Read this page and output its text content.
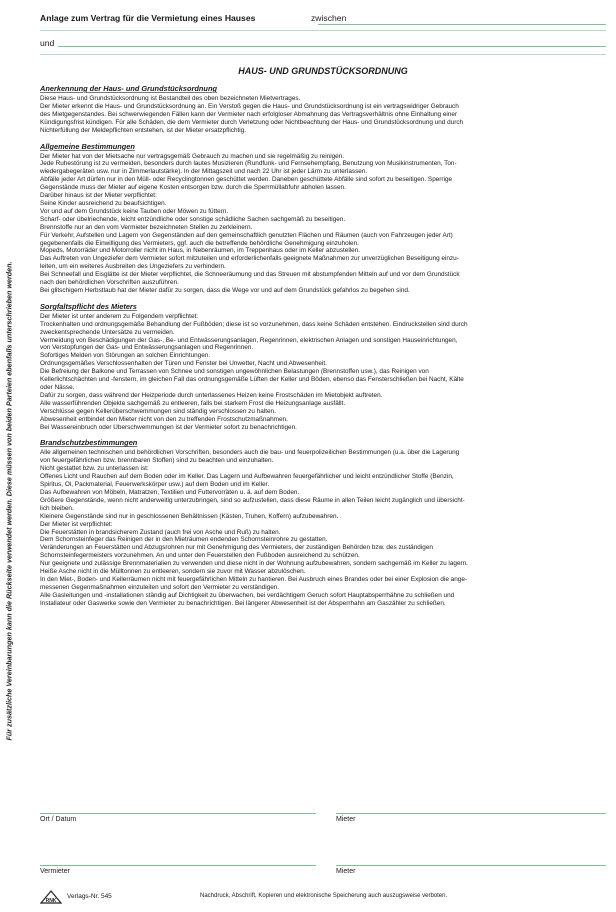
Für zusätzliche Vereinbarungen kann die Rückseite verwendet werden. Diese müssen von beiden Parteien ebenfalls unterschrieben werden.
Anlage zum Vertrag für die Vermietung eines Hauses	zwischen
und
HAUS- UND GRUNDSTÜCKSORDNUNG
Anerkennung der Haus- und Grundstücksordnung
Diese Haus- und Grundstücksordnung ist Bestandteil des oben bezeichneten Mietvertrages.
Der Mieter erkennt die Haus- und Grundstücksordnung an. Ein Verstoß gegen die Haus- und Grundstücksordnung ist ein vertragswidriger Gebrauch
des Mietgegenstandes. Bei schwerwiegenden Fällen kann der Vermieter nach erfolgloser Abmahnung das Vertragsverhältnis ohne Einhaltung einer
Kündigungsfrist kündigen. Für alle Schäden, die dem Vermieter durch Verletzung oder Nichtbeachtung der Haus- und Grundstücksordnung und durch
Nichterfüllung der Meldepflichten entstehen, ist der Mieter ersatzpflichtig.
Allgemeine Bestimmungen
Der Mieter hat von der Mietsache nur vertragsgemäß Gebrauch zu machen und sie regelmäßig zu reinigen.
Jede Ruhestörung ist zu vermeiden, besonders durch lautes Musizieren (Rundfunk- und Fernsehempfang, Benutzung von Musikinstrumenten, Ton-
wiedergabegeräten usw. nur in Zimmerlautstärke). In der Mittagszeit und nach 22 Uhr ist jeder Lärm zu unterlassen.
Abfälle jeder Art dürfen nur in den Müll- oder Recyclingtonnen geschüttet werden. Daneben geschüttete Abfälle sind sofort zu beseitigen. Sperrige
Gegenstände muss der Mieter auf eigene Kosten entsorgen bzw. durch die Sperrmüllabfuhr abholen lassen.
Darüber hinaus ist der Mieter verpflichtet:
Seine Kinder ausreichend zu beaufsichtigen.
Vor und auf dem Grundstück keine Tauben oder Möwen zu füttern.
Scharf- oder übelriechende, leicht entzündliche oder sonstige schädliche Sachen sachgemäß zu beseitigen.
Brennstoffe nur an den vom Vermieter bezeichneten Stellen zu zerkleinern.
Für Verkehr, Aufstellen und Lagern von Gegenständen auf den gemeinschaftlich genutzten Flächen und Räumen (auch von Fahrzeugen jeder Art)
gegebenenfalls die Einwilligung des Vermieters, ggf. auch die betreffende behördliche Genehmigung einzuholen.
Mopeds, Motorräder und Motorroller nicht im Haus, in Nebenräumen, im Treppenhaus oder im Keller abzustellen.
Das Auftreten von Ungeziefer dem Vermieter sofort mitzuteilen und erforderlichenfalls geeignete Maßnahmen zur unverzüglichen Beseitigung einzu-
leiten, um ein weiteres Ausbreiten des Ungeziefers zu verhindern.
Bei Schneefall und Eisglätte ist der Mieter verpflichtet, die Schneeräumung und das Streuen mit abstumpfenden Mitteln auf und vor dem Grundstück
nach den behördlichen Vorschriften auszuführen.
Bei glitschigem Herbstlaub hat der Mieter dafür zu sorgen, dass die Wege vor und auf dem Grundstück gefahrlos zu begehen sind.
Sorgfaltspflicht des Mieters
Der Mieter ist unter anderem zu Folgendem verpflichtet:
Trockenhalten und ordnungsgemäße Behandlung der Fußböden; diese ist so vorzunehmen, dass keine Schäden entstehen. Eindruckstellen sind durch
zweckentsprechende Untersätze zu vermeiden.
Vermeidung von Beschädigungen der Gas-, Be- und Entwässerungsanlagen, Regenrinnen, elektrischen Anlagen und sonstigen Hauseinrichtungen,
von Verstopfungen der Gas- und Entwässerungsanlagen und Regenrinnen.
Sofortiges Melden von Störungen an solchen Einrichtungen.
Ordnungsgemäßes Verschlossenhalten der Türen und Fenster bei Unwetter, Nacht und Abwesenheit.
Die Befreiung der Balkone und Terrassen von Schnee und sonstigen ungewöhnlichen Belastungen (Brennstoffen usw.), das Reinigen von
Kellerlichtschächten und -fenstern, im gleichen Fall das ordnungsgemäße Lüften der Keller und Böden, ebenso das Fensterschließen bei Nacht, Kälte
oder Nässe.
Dafür zu sorgen, dass während der Heizperiode durch unterlassenes Heizen keine Frostschäden im Mietobjekt auftreten.
Alle wasserführenden Objekte sachgemäß zu entleeren, falls bei starkem Frost die Heizungsanlage ausfällt.
Verschlüsse gegen Kellerüberschwemmungen sind ständig verschlossen zu halten.
Abwesenheit entbindet den Mieter nicht von den zu treffenden Frostschutzmaßnahmen.
Bei Wassereinbruch oder Überschwemmungen ist der Vermieter sofort zu benachrichtigen.
Brandschutzbestimmungen
Alle allgemeinen technischen und behördlichen Vorschriften, besonders auch die bau- und feuerpolizeilichen Bestimmungen (u.a. über die Lagerung
von feuergefährlichen bzw. brennbaren Stoffen) sind zu beachten und einzuhalten.
Nicht gestattet bzw. zu unterlassen ist:
Offenes Licht und Rauchen auf dem Boden oder im Keller. Das Lagern und Aufbewahren feuergefährlicher und leicht entzündlicher Stoffe (Benzin,
Spiritus, Öl, Packmaterial, Feuerwerkskörper usw.) auf dem Boden und im Keller.
Das Aufbewahren von Möbeln, Matratzen, Textilien und Futtervorräten u. ä. auf dem Boden.
Größere Gegenstände, wenn nicht anderweitig unterzubringen, sind so aufzustellen, dass diese Räume in allen Teilen leicht zugänglich und übersicht-
lich bleiben.
Kleinere Gegenstände sind nur in geschlossenen Behältnissen (Kästen, Truhen, Koffern) aufzubewahren.
Der Mieter ist verpflichtet:
Die Feuerstätten in brandsicherem Zustand (auch frei von Asche und Ruß) zu halten.
Dem Schornsteinfeger das Reinigen der in den Mieträumen endenden Schornsteinrohre zu gestatten.
Veränderungen an Feuerstätten und Abzugsrohren nur mit Genehmigung des Vermieters, der zuständigen Behörden bzw. des zuständigen
Schornsteinfegermeisters vorzunehmen. An und unter den Feuerstellen den Fußboden ausreichend zu schützen.
Nur geeignete und zulässige Brennmaterialien zu verwenden und diese nicht in der Wohnung aufzubewahren, sondern sachgemäß im Keller zu lagern.
Heiße Asche nicht in die Mülltonnen zu entleeren, sondern sie zuvor mit Wasser abzulöschen.
In den Miet-, Boden- und Kellerräumen nicht mit feuergefährlichen Mitteln zu hantieren. Bei Ausbruch eines Brandes oder bei einer Explosion die ange-
messenen Gegenmaßnahmen einzuleiten und sofort den Vermieter zu verständigen.
Alle Gasleitungen und -installationen ständig auf Dichtigkeit zu überwachen, bei verdächtigem Geruch sofort Hauptabsperrhähne zu schließen und
Installateur oder Gaswerke sowie den Vermieter zu benachrichtigen. Bei längerer Abwesenheit ist der Absperrhahn am Gaszähler zu schließen.
Ort / Datum	Mieter
Vermieter	Mieter
RNK
Verlags-Nr. 545	Nachdruck, Abschrift, Kopieren und elektronische Speicherung auch auszugsweise verboten.
